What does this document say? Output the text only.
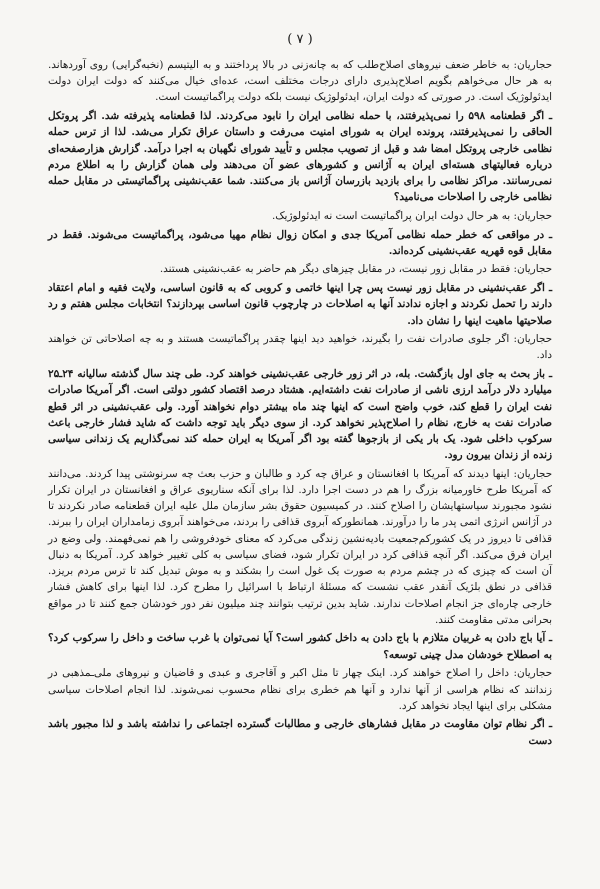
( ۷ )

حجاریان: به خاطر ضعف نیروهای اصلاح‌طلب که به چانه‌زنی در بالا پرداختند و به الیتیسم (نخبه‌گرایی) روی آوردهاند. به هر حال می‌خواهم بگویم اصلاح‌پذیری دارای درجات مختلف است، عده‌ای خیال می‌کنند که دولت ایران دولت ایدئولوژیک است. در صورتی که دولت ایران، ایدئولوژیک نیست بلکه دولت پراگماتیست است.

ـ اگر قطعنامه ۵۹۸ را نمی‌پذیرفتند، با حمله نظامی ایران را نابود می‌کردند. لذا قطعنامه پذیرفته شد. اگر پروتکل الحاقی را نمی‌پذیرفتند، پرونده ایران به شورای امنیت می‌رفت و داستان عراق تکرار می‌شد. لذا از ترس حمله نظامی خارجی پروتکل امضا شد و قبل از تصویب مجلس و تأیید شورای نگهبان به اجرا درآمد. گزارش هزارصفحه‌ای درباره فعالیتهای هسته‌ای ایران به آژانس و کشورهای عضو آن می‌دهند ولی همان گزارش را به اطلاع مردم نمی‌رسانند. مراکز نظامی را برای بازدید بازرسان آژانس باز می‌کنند. شما عقب‌نشینی پراگماتیستی در مقابل حمله نظامی خارجی را اصلاحات می‌نامید؟

حجاریان: به هر حال دولت ایران پراگماتیست است نه ایدئولوژیک.

ـ در مواقعی که خطر حمله نظامی آمریکا جدی و امکان زوال نظام مهیا می‌شود، پراگماتیست می‌شوند. فقط در مقابل قوه قهریه عقب‌نشینی کرده‌اند.

حجاریان: فقط در مقابل زور نیست، در مقابل چیزهای دیگر هم حاضر به عقب‌نشینی هستند.

ـ اگر عقب‌نشینی در مقابل زور نیست پس چرا اینها خاتمی و کروبی که به قانون اساسی، ولایت فقیه و امام اعتقاد دارند را تحمل نکردند و اجازه ندادند آنها به اصلاحات در چارچوب قانون اساسی بپردازند؟ انتخابات مجلس هفتم و رد صلاحیتها ماهیت اینها را نشان داد.

حجاریان: اگر جلوی صادرات نفت را بگیرند، خواهید دید اینها چقدر پراگماتیست هستند و به چه اصلاحاتی تن خواهند داد.

ـ باز بحث به جای اول بازگشت. بله، در اثر زور خارجی عقب‌نشینی خواهند کرد. طی چند سال گذشته سالیانه ۲۴ـ۲۵ میلیارد دلار درآمد ارزی ناشی از صادرات نفت داشته‌ایم. هشتاد درصد اقتصاد کشور دولتی است. اگر آمریکا صادرات نفت ایران را قطع کند، خوب واضح است که اینها چند ماه بیشتر دوام نخواهند آورد. ولی عقب‌نشینی در اثر قطع صادرات نفت به خارج، نظام را اصلاح‌پذیر نخواهد کرد. از سوی دیگر باید توجه داشت که شاید فشار خارجی باعث سرکوب داخلی شود. یک بار یکی از بازجوها گفته بود اگر آمریکا به ایران حمله کند نمی‌گذاریم یک زندانی سیاسی زنده از زندان بیرون رود.

حجاریان: اینها دیدند که آمریکا با افغانستان و عراق چه کرد و طالبان و حزب بعث چه سرنوشتی پیدا کردند. می‌دانند که آمریکا طرح خاورمیانه بزرگ را هم در دست اجرا دارد. لذا برای آنکه سناریوی عراق و افغانستان در ایران تکرار نشود مجبورند سیاستهایشان را اصلاح کنند. در کمیسیون حقوق بشر سازمان ملل علیه ایران قطعنامه صادر نکردند تا در آژانس انرژی اتمی پدر ما را درآورند. همانطورکه آبروی قذافی را بردند، می‌خواهند آبروی زمامداران ایران را ببرند. قذافی تا دیروز در یک کشورکم‌جمعیت بادیه‌نشین زندگی می‌کرد که معنای خودفروشی را هم نمی‌فهمند. ولی وضع در ایران فرق می‌کند. اگر آنچه قذافی کرد در ایران تکرار شود، فضای سیاسی به کلی تغییر خواهد کرد. آمریکا به دنبال آن است که چیزی که در چشم مردم به صورت یک غول است را بشکند و به موش تبدیل کند تا ترس مردم بریزد. قذافی در نطق بلژیک آنقدر عقب نشست که مسئلهٔ ارتباط با اسرائیل را مطرح کرد. لذا اینها برای کاهش فشار خارجی چاره‌ای جز انجام اصلاحات ندارند. شاید بدین ترتیب بتوانند چند میلیون نفر دور خودشان جمع کنند تا در مواقع بحرانی مدتی مقاومت کنند.

ـ آیا باج دادن به غربیان متلازم با باج دادن به داخل کشور است؟ آیا نمی‌توان با غرب ساخت و داخل را سرکوب کرد؟ به اصطلاح خودشان مدل چینی توسعه؟

حجاریان: داخل را اصلاح خواهند کرد. اینک چهار تا مثل اکبر و آقاجری و عبدی و قاضیان و نیروهای ملی‌ـمذهبی در زندانند که نظام هراسی از آنها ندارد و آنها هم خطری برای نظام محسوب نمی‌شوند. لذا انجام اصلاحات سیاسی مشکلی برای اینها ایجاد نخواهد کرد.

ـ اگر نظام توان مقاومت در مقابل فشارهای خارجی و مطالبات گسترده اجتماعی را نداشته باشد و لذا مجبور باشد دست
